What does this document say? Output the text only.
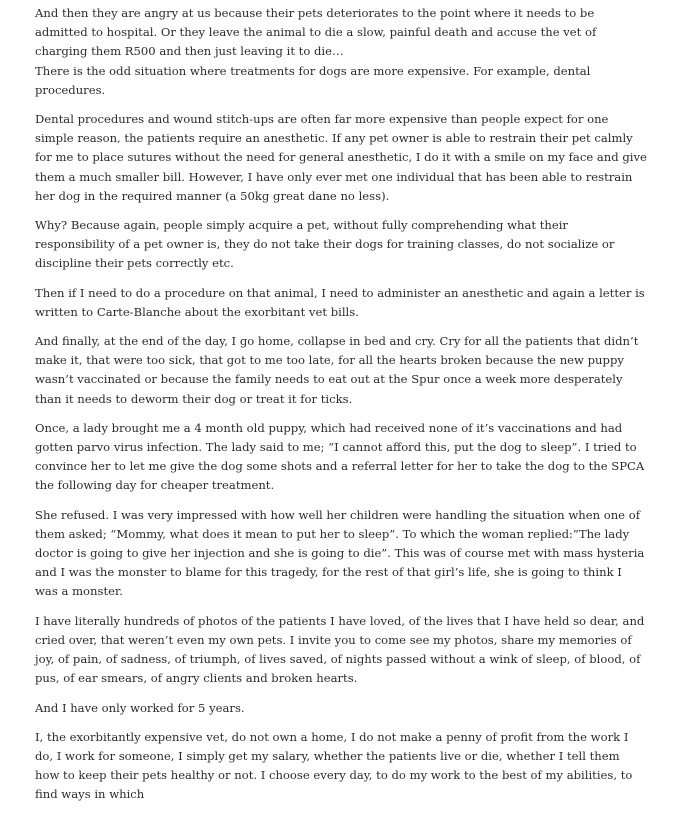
And then they are angry at us because their pets deteriorates to the point where it needs to be admitted to hospital. Or they leave the animal to die a slow, painful death and accuse the vet of charging them R500 and then just leaving it to die…

There is the odd situation where treatments for dogs are more expensive. For example, dental procedures.

Dental procedures and wound stitch-ups are often far more expensive than people expect for one simple reason, the patients require an anesthetic. If any pet owner is able to restrain their pet calmly for me to place sutures without the need for general anesthetic, I do it with a smile on my face and give them a much smaller bill. However, I have only ever met one individual that has been able to restrain her dog in the required manner (a 50kg great dane no less).

Why? Because again, people simply acquire a pet, without fully comprehending what their responsibility of a pet owner is, they do not take their dogs for training classes, do not socialize or discipline their pets correctly etc.

Then if I need to do a procedure on that animal, I need to administer an anesthetic and again a letter is written to Carte-Blanche about the exorbitant vet bills.

And finally, at the end of the day, I go home, collapse in bed and cry. Cry for all the patients that didn’t make it, that were too sick, that got to me too late, for all the hearts broken because the new puppy wasn’t vaccinated or because the family needs to eat out at the Spur once a week more desperately than it needs to deworm their dog or treat it for ticks.

Once, a lady brought me a 4 month old puppy, which had received none of it’s vaccinations and had gotten parvo virus infection. The lady said to me; “I cannot afford this, put the dog to sleep”. I tried to convince her to let me give the dog some shots and a referral letter for her to take the dog to the SPCA the following day for cheaper treatment.

She refused. I was very impressed with how well her children were handling the situation when one of them asked; “Mommy, what does it mean to put her to sleep”. To which the woman replied:”The lady doctor is going to give her injection and she is going to die”. This was of course met with mass hysteria and I was the monster to blame for this tragedy, for the rest of that girl’s life, she is going to think I was a monster.

I have literally hundreds of photos of the patients I have loved, of the lives that I have held so dear, and cried over, that weren’t even my own pets. I invite you to come see my photos, share my memories of joy, of pain, of sadness, of triumph, of lives saved, of nights passed without a wink of sleep, of blood, of pus, of ear smears, of angry clients and broken hearts.

And I have only worked for 5 years.

I, the exorbitantly expensive vet, do not own a home, I do not make a penny of profit from the work I do, I work for someone, I simply get my salary, whether the patients live or die, whether I tell them how to keep their pets healthy or not. I choose every day, to do my work to the best of my abilities, to find ways in which
